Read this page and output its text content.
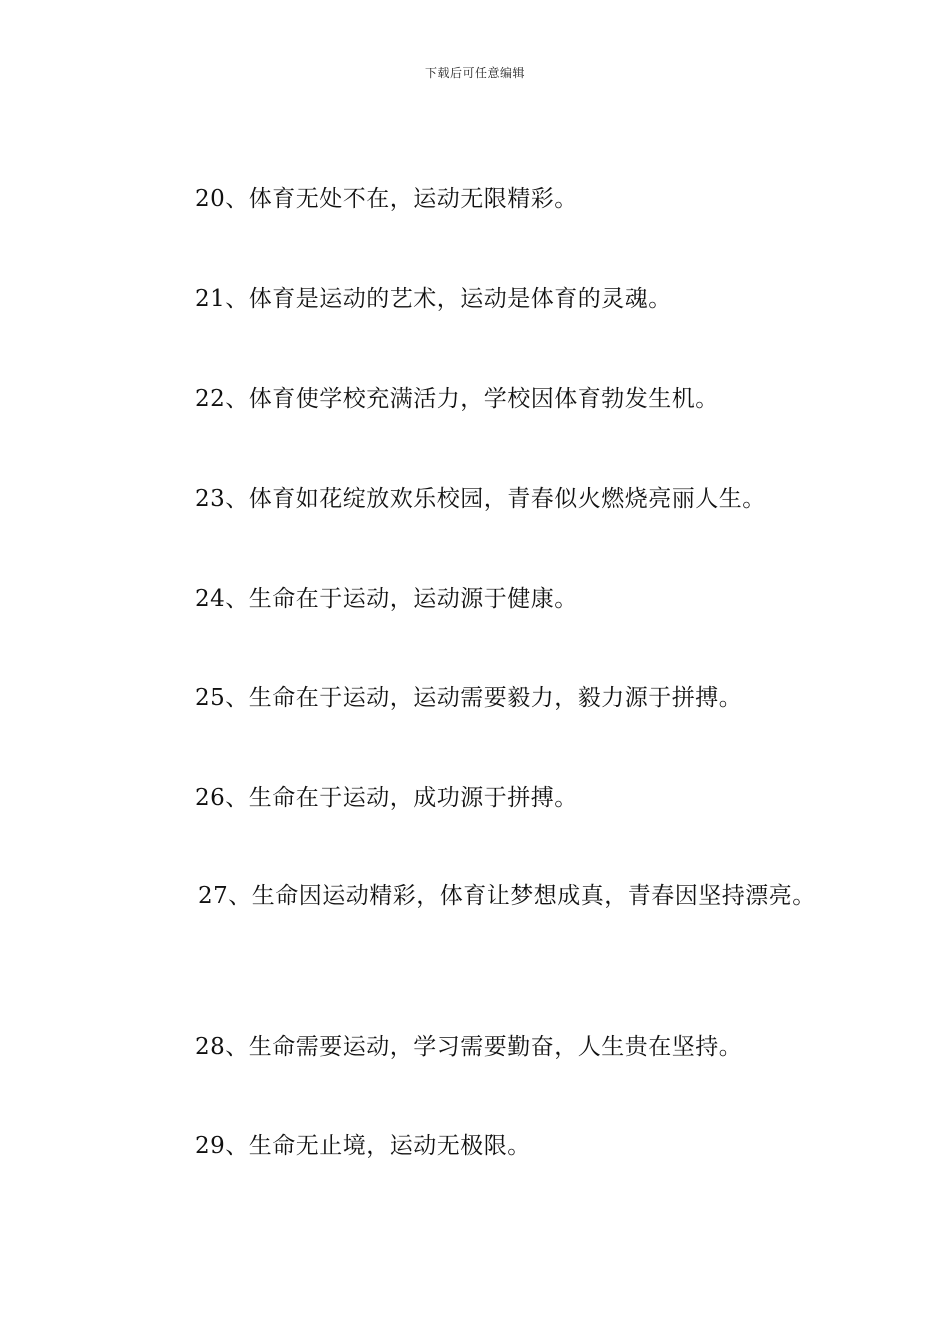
下载后可任意编辑

20、体育无处不在，运动无限精彩。

21、体育是运动的艺术，运动是体育的灵魂。

22、体育使学校充满活力，学校因体育勃发生机。

23、体育如花绽放欢乐校园，青春似火燃烧亮丽人生。

24、生命在于运动，运动源于健康。

25、生命在于运动，运动需要毅力，毅力源于拼搏。

26、生命在于运动，成功源于拼搏。

27、生命因运动精彩，体育让梦想成真，青春因坚持漂亮。

28、生命需要运动，学习需要勤奋，人生贵在坚持。

29、生命无止境，运动无极限。
